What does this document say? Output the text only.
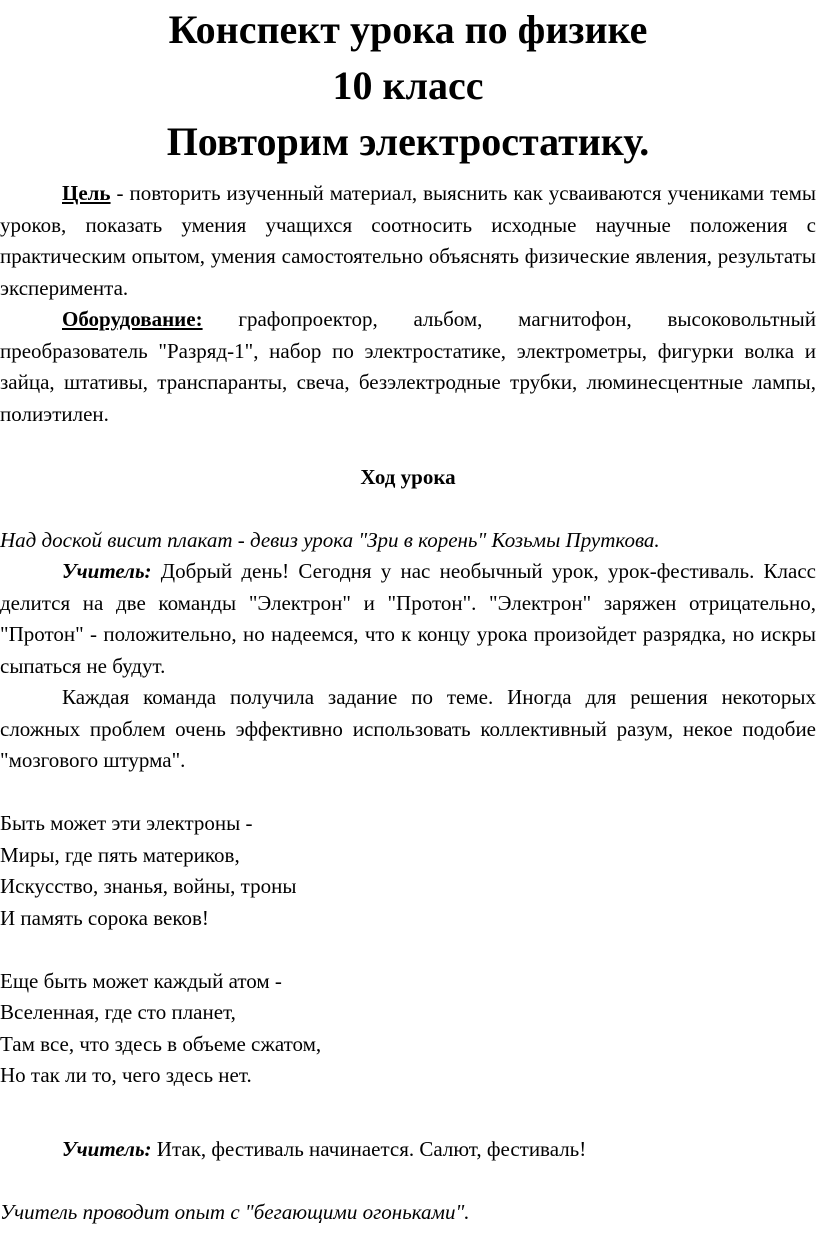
Конспект урока по физике
10 класс
Повторим электростатику.

Цель - повторить изученный материал, выяснить как усваиваются учениками темы уроков, показать умения учащихся соотносить исходные научные положения с практическим опытом, умения самостоятельно объяснять физические явления, результаты эксперимента.

Оборудование: графопроектор, альбом, магнитофон, высоковольтный преобразователь "Разряд-1", набор по электростатике, электрометры, фигурки волка и зайца, штативы, транспаранты, свеча, безэлектродные трубки, люминесцентные лампы, полиэтилен.

Ход урока

Над доской висит плакат - девиз урока "Зри в корень" Козьмы Пруткова.

Учитель: Добрый день! Сегодня у нас необычный урок, урок-фестиваль. Класс делится на две команды "Электрон" и "Протон". "Электрон" заряжен отрицательно, "Протон" - положительно, но надеемся, что к концу урока произойдет разрядка, но искры сыпаться не будут.

Каждая команда получила задание по теме. Иногда для решения некоторых сложных проблем очень эффективно использовать коллективный разум, некое подобие "мозгового штурма".

Быть может эти электроны -

Миры, где пять материков,

Искусство, знанья, войны, троны

И память сорока веков!

Еще быть может каждый атом -

Вселенная, где сто планет,

Там все, что здесь в объеме сжатом,

Но так ли то, чего здесь нет.

Учитель: Итак, фестиваль начинается. Салют, фестиваль!

Учитель проводит опыт с "бегающими огоньками".
